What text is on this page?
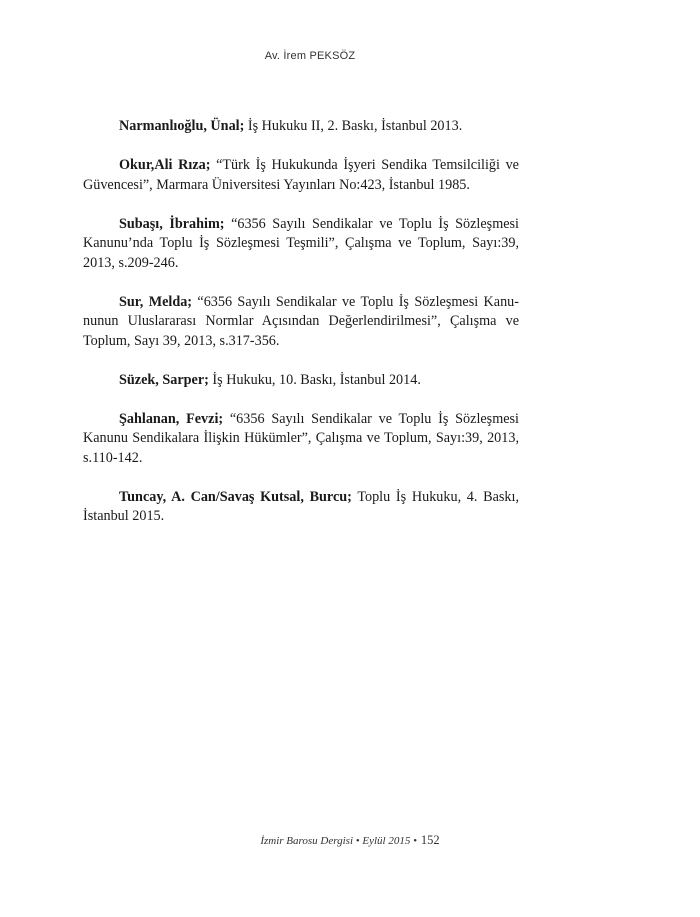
Av. İrem PEKSÖZ

Narmanlıoğlu, Ünal; İş Hukuku II, 2. Baskı, İstanbul 2013.

Okur,Ali Rıza; “Türk İş Hukukunda İşyeri Sendika Temsilciliği ve Güvencesi”, Marmara Üniversitesi Yayınları No:423, İstanbul 1985.

Subaşı, İbrahim; “6356 Sayılı Sendikalar ve Toplu İş Sözleşmesi Kanunu’nda Toplu İş Sözleşmesi Teşmili”, Çalışma ve Toplum, Sayı:39, 2013, s.209-246.

Sur, Melda; “6356 Sayılı Sendikalar ve Toplu İş Sözleşmesi Kanununun Uluslararası Normlar Açısından Değerlendirilmesi”, Çalışma ve Toplum, Sayı 39, 2013, s.317-356.

Süzek, Sarper; İş Hukuku, 10. Baskı, İstanbul 2014.

Şahlanan, Fevzi; “6356 Sayılı Sendikalar ve Toplu İş Sözleşmesi Kanunu Sendikalara İlişkin Hükümler”, Çalışma ve Toplum, Sayı:39, 2013, s.110-142.

Tuncay, A. Can/Savaş Kutsal, Burcu; Toplu İş Hukuku, 4. Baskı, İstanbul 2015.

İzmir Barosu Dergisi • Eylül 2015 • 152
